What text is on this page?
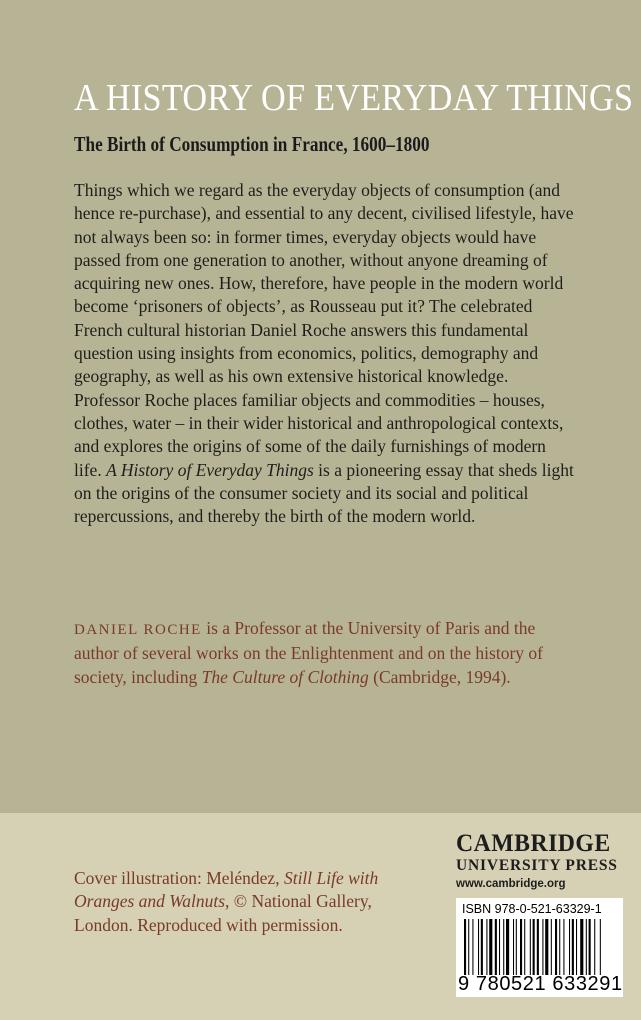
A HISTORY OF EVERYDAY THINGS
The Birth of Consumption in France, 1600–1800

Things which we regard as the everyday objects of consumption (and hence re-purchase), and essential to any decent, civilised lifestyle, have not always been so: in former times, everyday objects would have passed from one generation to another, without anyone dreaming of acquiring new ones. How, therefore, have people in the modern world become ‘prisoners of objects’, as Rousseau put it? The celebrated French cultural historian Daniel Roche answers this fundamental question using insights from economics, politics, demography and geography, as well as his own extensive historical knowledge. Professor Roche places familiar objects and commodities – houses, clothes, water – in their wider historical and anthropological contexts, and explores the origins of some of the daily furnishings of modern life. A History of Everyday Things is a pioneering essay that sheds light on the origins of the consumer society and its social and political repercussions, and thereby the birth of the modern world.

DANIEL ROCHE is a Professor at the University of Paris and the author of several works on the Enlightenment and on the history of society, including The Culture of Clothing (Cambridge, 1994).

Cover illustration: Meléndez, Still Life with Oranges and Walnuts, © National Gallery, London. Reproduced with permission.

CAMBRIDGE
UNIVERSITY PRESS
www.cambridge.org
ISBN 978-0-521-63329-1
9 780521 633291
